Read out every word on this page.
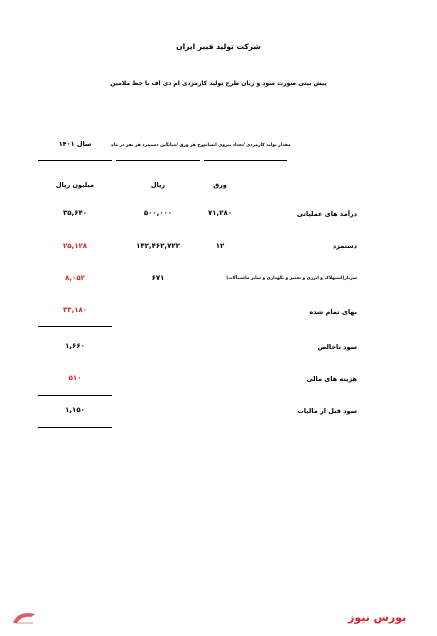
شرکت تولید فیبر ایران
پیش بینی صورت سود و زیان طرح تولید کارمزدی ام دی اف با خط ملامین
مقدار تولید کارمزدی /تعداد نیروی انسانی
نرخ هر ورق /میانگین دستمزد هر نفر در ماه
سال ۱۴۰۱
ورق
ریال
میلیون ریال
درآمد های عملیاتی
۷۱,۲۸۰
۵۰۰,۰۰۰
۳۵,۶۴۰
دستمزد
۱۲
۱۴۲,۴۶۲,۷۲۲
۲۵,۱۲۸
سربار(استهلاک و انرژی و تعمیر و نگهداری و سایر ماشینآلات)
۶۷۱
۸,۰۵۲
بهای تمام شده
۳۳,۱۸۰
سود ناخالص
۱,۶۶۰
هزینه های مالی
۵۱۰
سود قبل از مالیات
۱,۱۵۰
بورس نیوز
